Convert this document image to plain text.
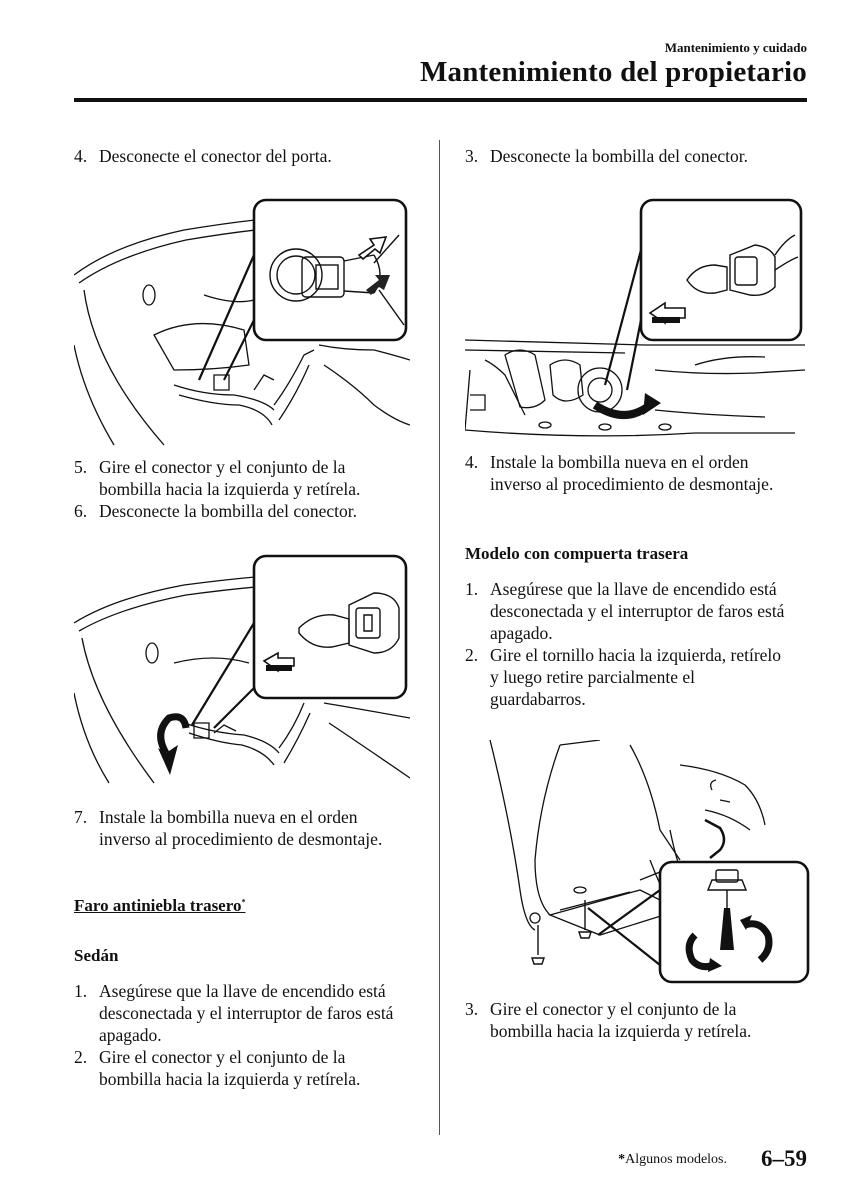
Mantenimiento y cuidado
Mantenimiento del propietario
4. Desconecte el conector del porta.
5. Gire el conector y el conjunto de la bombilla hacia la izquierda y retírela.
6. Desconecte la bombilla del conector.
7. Instale la bombilla nueva en el orden inverso al procedimiento de desmontaje.
Faro antiniebla trasero*
Sedán
1. Asegúrese que la llave de encendido está desconectada y el interruptor de faros está apagado.
2. Gire el conector y el conjunto de la bombilla hacia la izquierda y retírela.
3. Desconecte la bombilla del conector.
4. Instale la bombilla nueva en el orden inverso al procedimiento de desmontaje.
Modelo con compuerta trasera
1. Asegúrese que la llave de encendido está desconectada y el interruptor de faros está apagado.
2. Gire el tornillo hacia la izquierda, retírelo y luego retire parcialmente el guardabarros.
3. Gire el conector y el conjunto de la bombilla hacia la izquierda y retírela.
*Algunos modelos. 6–59
